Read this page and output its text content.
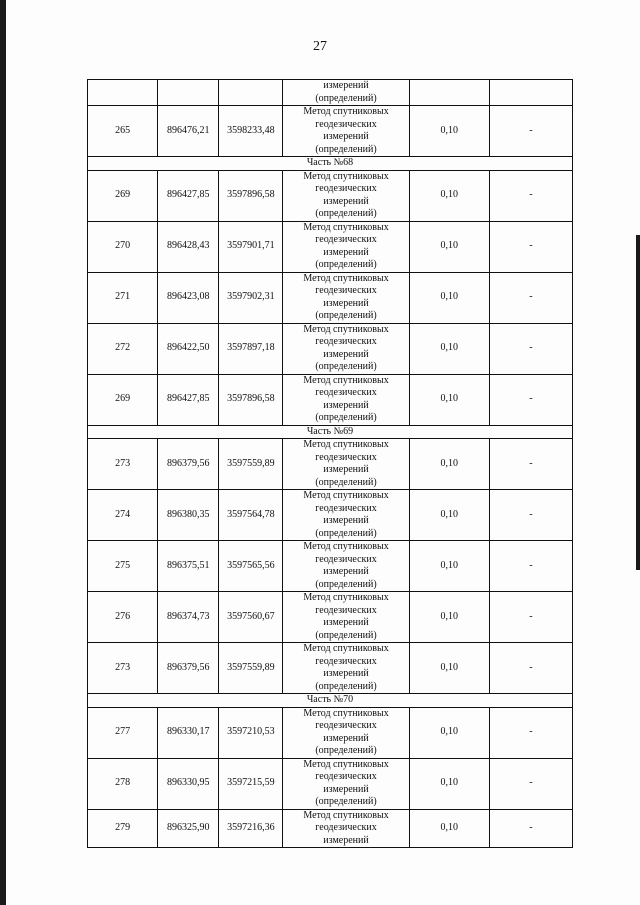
27

			измерений
(определений)		

265	896476,21	3598233,48	Метод спутниковых
геодезических
измерений
(определений)	0,10	-
Часть №68					
269	896427,85	3597896,58	Метод спутниковых
геодезических
измерений
(определений)	0,10	-
270	896428,43	3597901,71	Метод спутниковых
геодезических
измерений
(определений)	0,10	-
271	896423,08	3597902,31	Метод спутниковых
геодезических
измерений
(определений)	0,10	-
272	896422,50	3597897,18	Метод спутниковых
геодезических
измерений
(определений)	0,10	-
269	896427,85	3597896,58	Метод спутниковых
геодезических
измерений
(определений)	0,10	-
Часть №69					
273	896379,56	3597559,89	Метод спутниковых
геодезических
измерений
(определений)	0,10	-
274	896380,35	3597564,78	Метод спутниковых
геодезических
измерений
(определений)	0,10	-
275	896375,51	3597565,56	Метод спутниковых
геодезических
измерений
(определений)	0,10	-
276	896374,73	3597560,67	Метод спутниковых
геодезических
измерений
(определений)	0,10	-
273	896379,56	3597559,89	Метод спутниковых
геодезических
измерений
(определений)	0,10	-
Часть №70					
277	896330,17	3597210,53	Метод спутниковых
геодезических
измерений
(определений)	0,10	-
278	896330,95	3597215,59	Метод спутниковых
геодезических
измерений
(определений)	0,10	-
279	896325,90	3597216,36	Метод спутниковых
геодезических
измерений	0,10	-
